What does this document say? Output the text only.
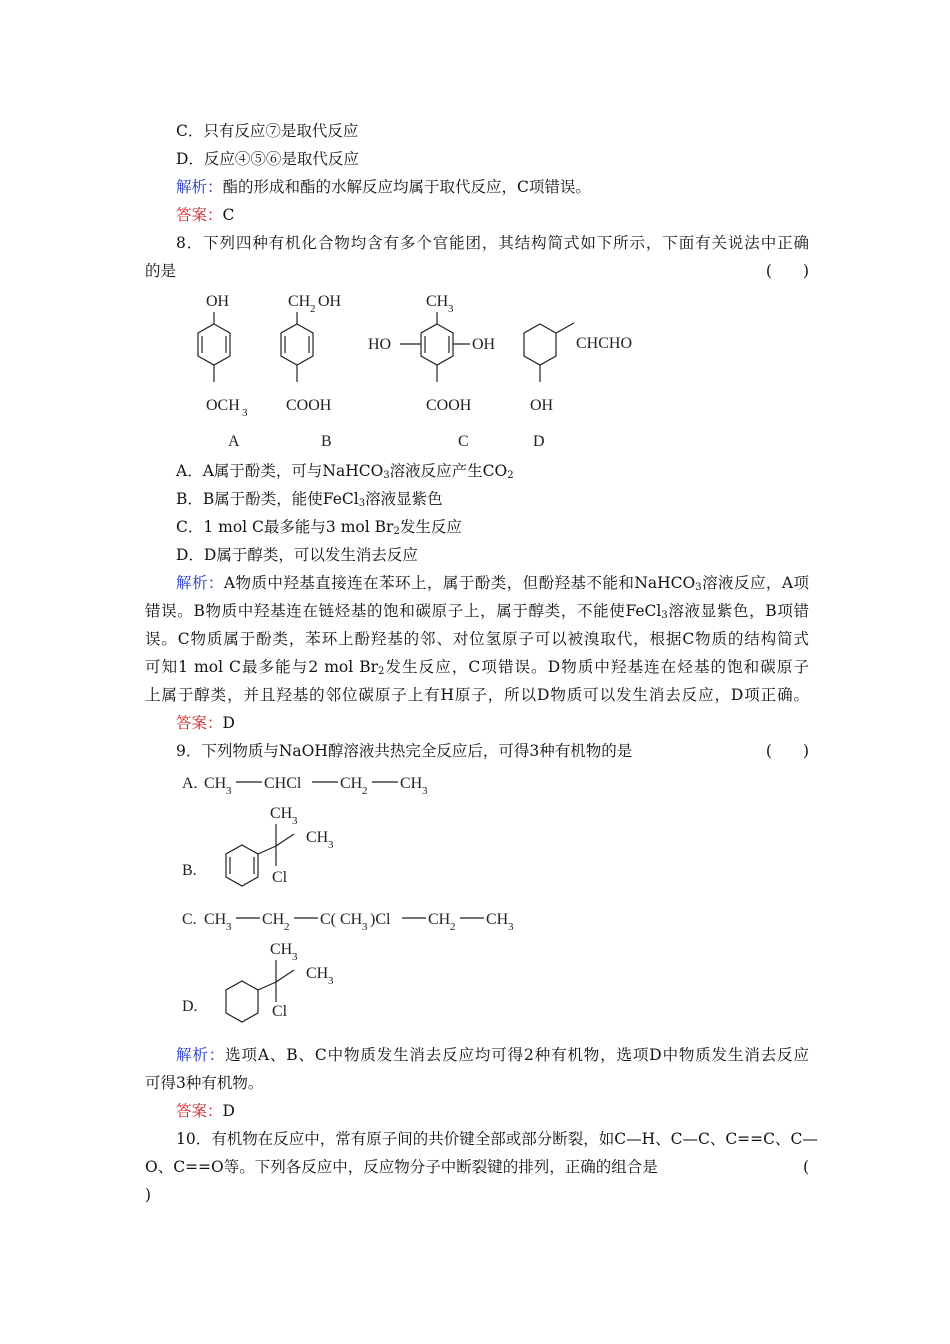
C．只有反应⑦是取代反应
D．反应④⑤⑥是取代反应
解析：酯的形成和酯的水解反应均属于取代反应，C项错误。
答案：C
8．下列四种有机化合物均含有多个官能团，其结构简式如下所示，下面有关说法中正确
的是	(　　)
OH
OCH 3
A
CH 2 OH
COOH
B
CH 3
HO	OH
COOH
C
CHCHO
OH
D
A．A属于酚类，可与NaHCO$_3$溶液反应产生$CO_2$
B．B属于酚类，能使FeCl$_3$溶液显紫色
C．1 mol C最多能与3 mol $Br_2$发生反应
D．D属于醇类，可以发生消去反应
解析：A物质中羟基直接连在苯环上，属于酚类，但酚羟基不能和NaHCO$_3$溶液反应，A项
错误。B物质中羟基连在链烃基的饱和碳原子上，属于醇类，不能使FeCl$_3$溶液显紫色，B项错
误。C物质属于酚类，苯环上酚羟基的邻、对位氢原子可以被溴取代，根据C物质的结构简式
可知1 mol C最多能与2 mol $Br_2$发生反应，C项错误。D物质中羟基连在烃基的饱和碳原子
上属于醇类，并且羟基的邻位碳原子上有H原子，所以D物质可以发生消去反应，D项正确。
答案：D
9．下列物质与NaOH醇溶液共热完全反应后，可得3种有机物的是	(　　)
A. CH 3 CHCl CH 2 CH 3
B.
CH 3
CH 3
Cl
C. CH 3 CH 2 C( CH 3 )Cl CH 2 CH 3
D.
CH 3
CH 3
Cl
解析：选项A、B、C中物质发生消去反应均可得2种有机物，选项D中物质发生消去反应
可得3种有机物。
答案：D
10．有机物在反应中，常有原子间的共价键全部或部分断裂，如C—H、C—C、C==C、C—
O、C==O等。下列各反应中，反应物分子中断裂键的排列，正确的组合是	(
)
